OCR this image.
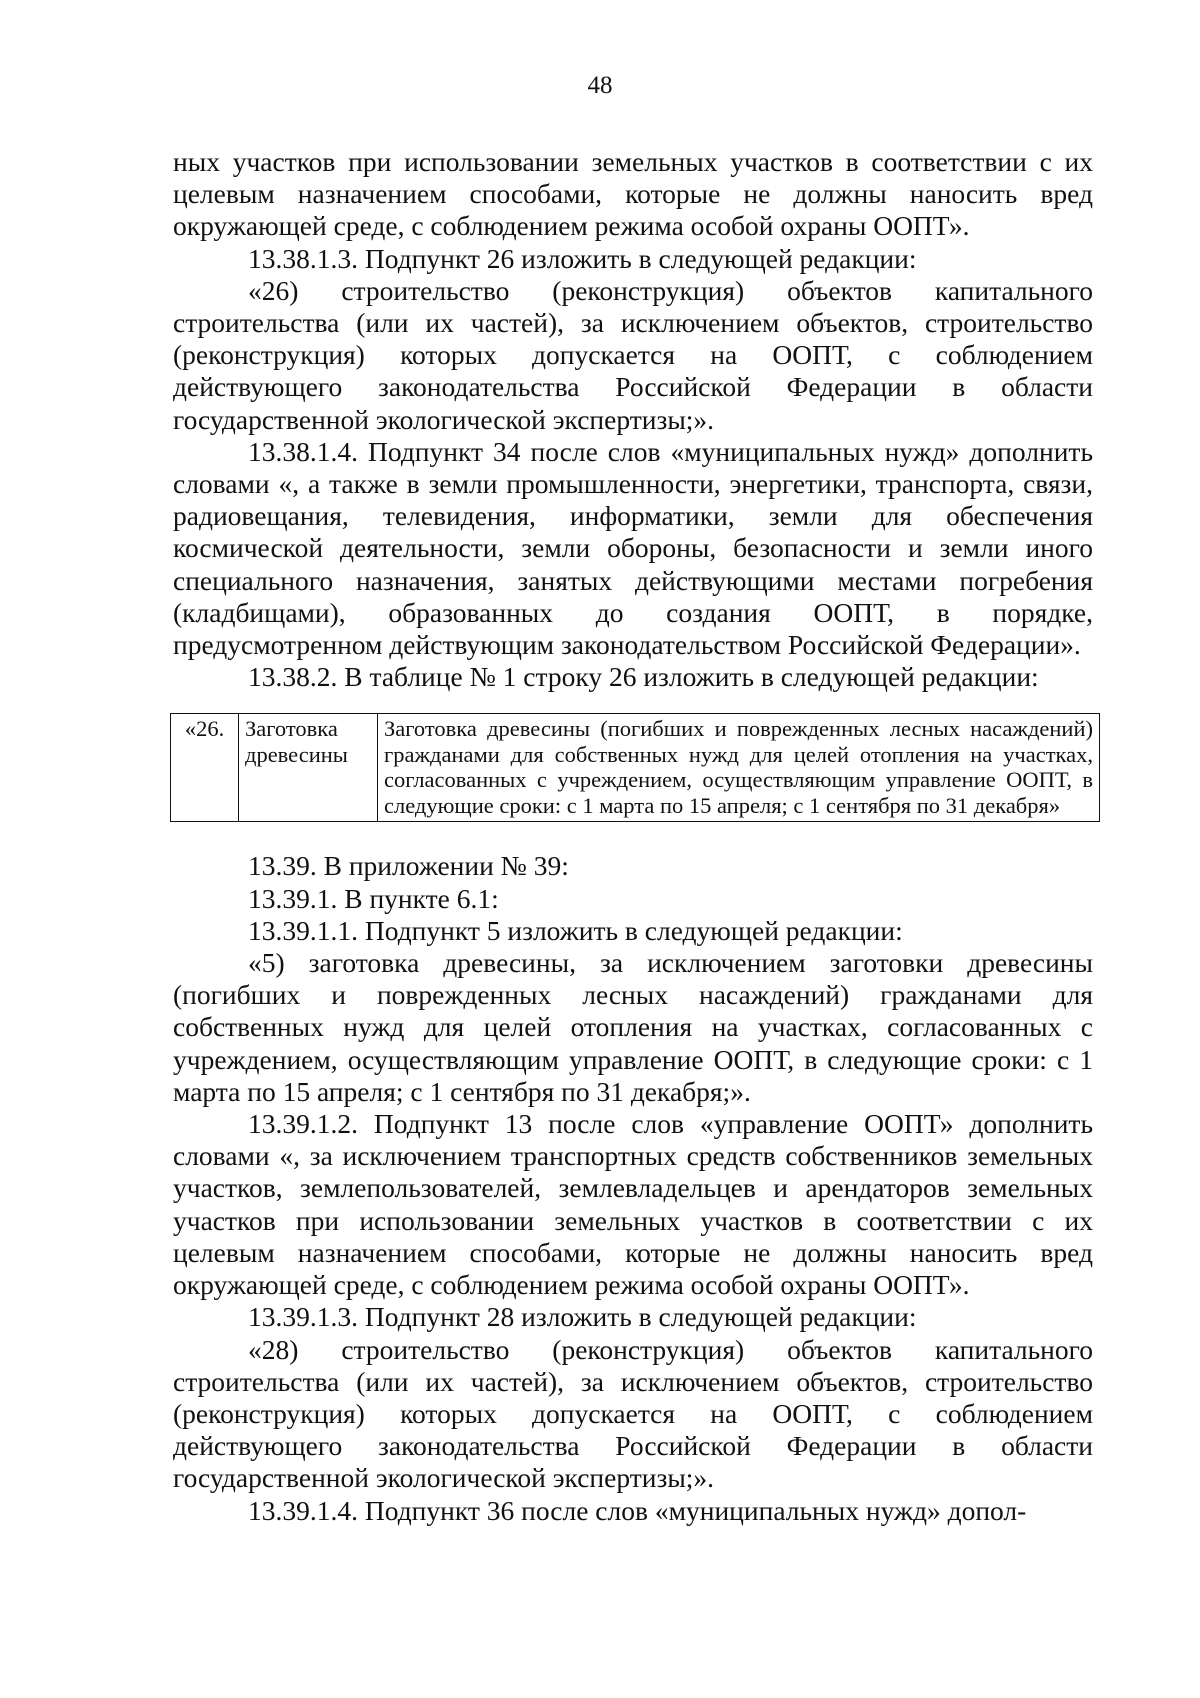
48

ных участков при использовании земельных участков в соответствии с их целевым назначением способами, которые не должны наносить вред окружающей среде, с соблюдением режима особой охраны ООПТ».

13.38.1.3. Подпункт 26 изложить в следующей редакции:

«26) строительство (реконструкция) объектов капитального строительства (или их частей), за исключением объектов, строительство (реконструкция) которых допускается на ООПТ, с соблюдением действующего законодательства Российской Федерации в области государственной экологической экспертизы;».

13.38.1.4. Подпункт 34 после слов «муниципальных нужд» дополнить словами «, а также в земли промышленности, энергетики, транспорта, связи, радиовещания, телевидения, информатики, земли для обеспечения космической деятельности, земли обороны, безопасности и земли иного специального назначения, занятых действующими местами погребения (кладбищами), образованных до создания ООПТ, в порядке, предусмотренном действующим законодательством Российской Федерации».

13.38.2. В таблице № 1 строку 26 изложить в следующей редакции:

«26.	Заготовка древесины	Заготовка древесины (погибших и поврежденных лесных насаждений) гражданами для собственных нужд для целей отопления на участках, согласованных с учреждением, осуществляющим управление ООПТ, в следующие сроки: с 1 марта по 15 апреля; с 1 сентября по 31 декабря»

13.39. В приложении № 39:

13.39.1. В пункте 6.1:

13.39.1.1. Подпункт 5 изложить в следующей редакции:

«5) заготовка древесины, за исключением заготовки древесины (погибших и поврежденных лесных насаждений) гражданами для собственных нужд для целей отопления на участках, согласованных с учреждением, осуществляющим управление ООПТ, в следующие сроки: с 1 марта по 15 апреля; с 1 сентября по 31 декабря;».

13.39.1.2. Подпункт 13 после слов «управление ООПТ» дополнить словами «, за исключением транспортных средств собственников земельных участков, землепользователей, землевладельцев и арендаторов земельных участков при использовании земельных участков в соответствии с их целевым назначением способами, которые не должны наносить вред окружающей среде, с соблюдением режима особой охраны ООПТ».

13.39.1.3. Подпункт 28 изложить в следующей редакции:

«28) строительство (реконструкция) объектов капитального строительства (или их частей), за исключением объектов, строительство (реконструкция) которых допускается на ООПТ, с соблюдением действующего законодательства Российской Федерации в области государственной экологической экспертизы;».

13.39.1.4. Подпункт 36 после слов «муниципальных нужд» допол-
